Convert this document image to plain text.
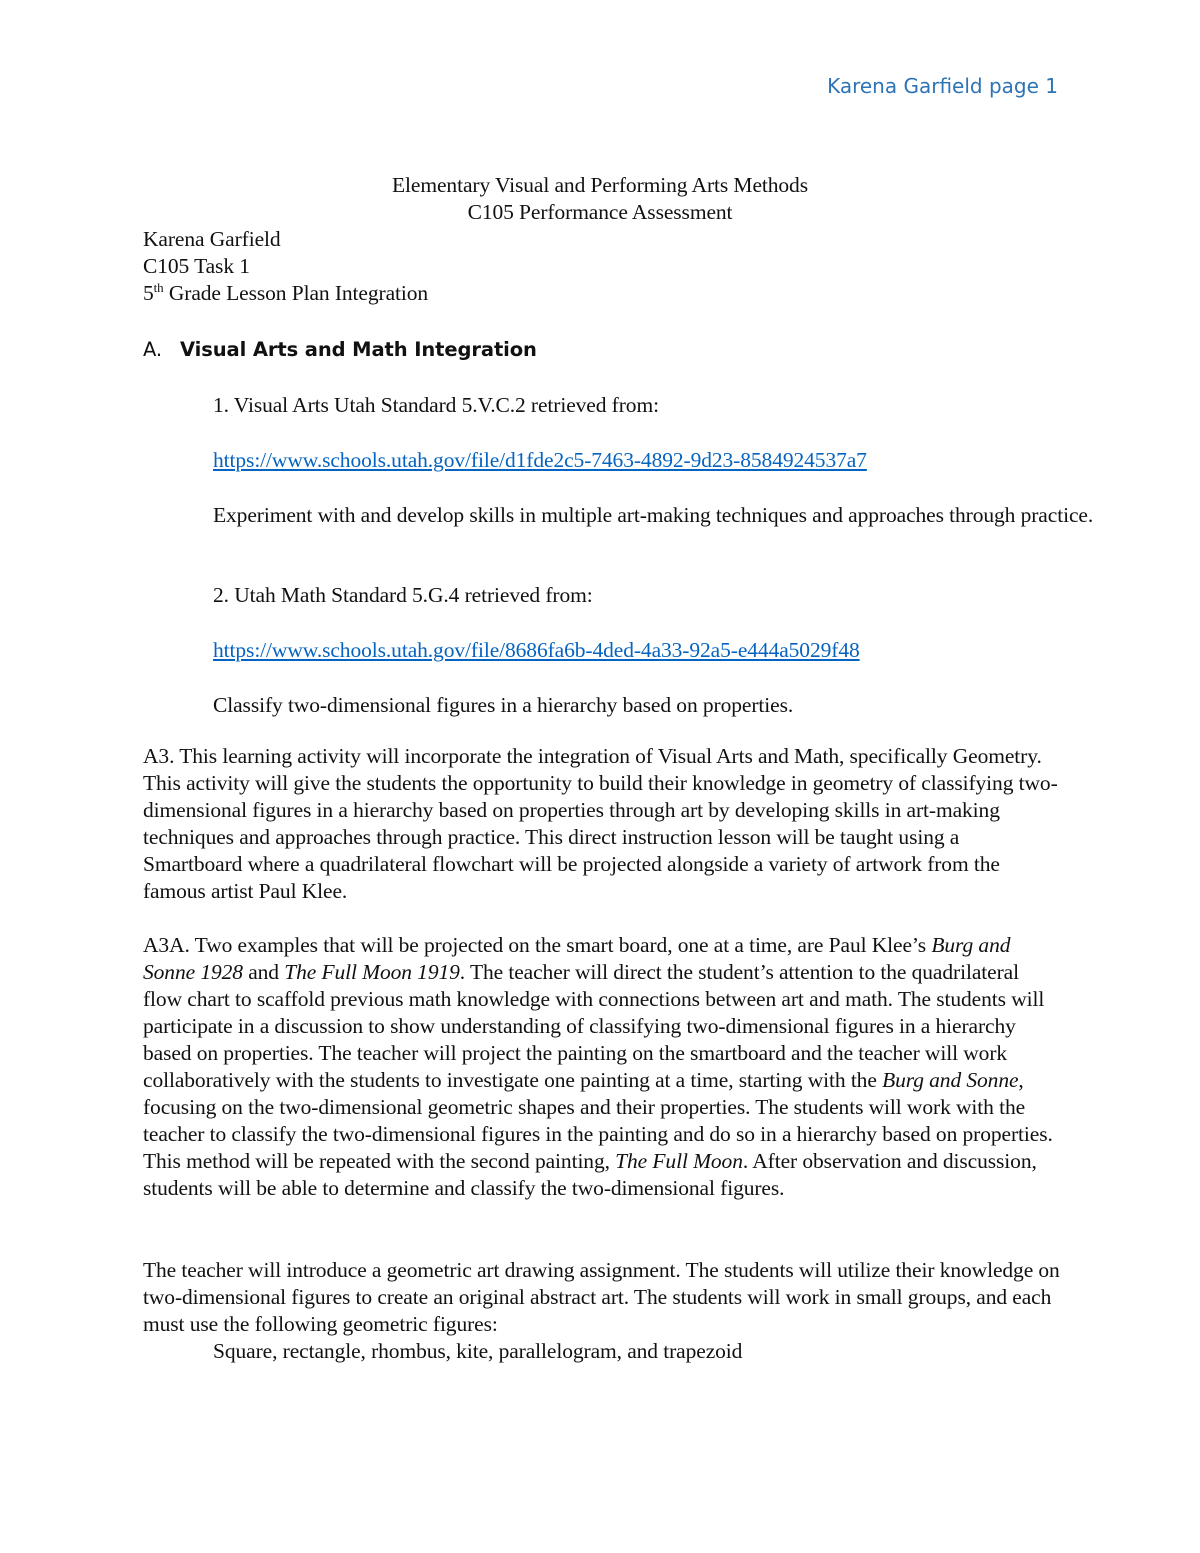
Karena Garfield page 1
Elementary Visual and Performing Arts Methods
C105 Performance Assessment
Karena Garfield
C105 Task 1
5th Grade Lesson Plan Integration
A. Visual Arts and Math Integration
1. Visual Arts Utah Standard 5.V.C.2 retrieved from:
https://www.schools.utah.gov/file/d1fde2c5-7463-4892-9d23-8584924537a7

Experiment with and develop skills in multiple art-making techniques and approaches through practice.

2. Utah Math Standard 5.G.4 retrieved from:
https://www.schools.utah.gov/file/8686fa6b-4ded-4a33-92a5-e444a5029f48

Classify two-dimensional figures in a hierarchy based on properties.

A3. This learning activity will incorporate the integration of Visual Arts and Math, specifically Geometry. This activity will give the students the opportunity to build their knowledge in geometry of classifying two-dimensional figures in a hierarchy based on properties through art by developing skills in art-making techniques and approaches through practice. This direct instruction lesson will be taught using a Smartboard where a quadrilateral flowchart will be projected alongside a variety of artwork from the famous artist Paul Klee.

A3A. Two examples that will be projected on the smart board, one at a time, are Paul Klee’s Burg and Sonne 1928 and The Full Moon 1919. The teacher will direct the student’s attention to the quadrilateral flow chart to scaffold previous math knowledge with connections between art and math. The students will participate in a discussion to show understanding of classifying two-dimensional figures in a hierarchy based on properties. The teacher will project the painting on the smartboard and the teacher will work collaboratively with the students to investigate one painting at a time, starting with the Burg and Sonne, focusing on the two-dimensional geometric shapes and their properties. The students will work with the teacher to classify the two-dimensional figures in the painting and do so in a hierarchy based on properties. This method will be repeated with the second painting, The Full Moon. After observation and discussion, students will be able to determine and classify the two-dimensional figures.

The teacher will introduce a geometric art drawing assignment. The students will utilize their knowledge on two-dimensional figures to create an original abstract art. The students will work in small groups, and each must use the following geometric figures:

Square, rectangle, rhombus, kite, parallelogram, and trapezoid
